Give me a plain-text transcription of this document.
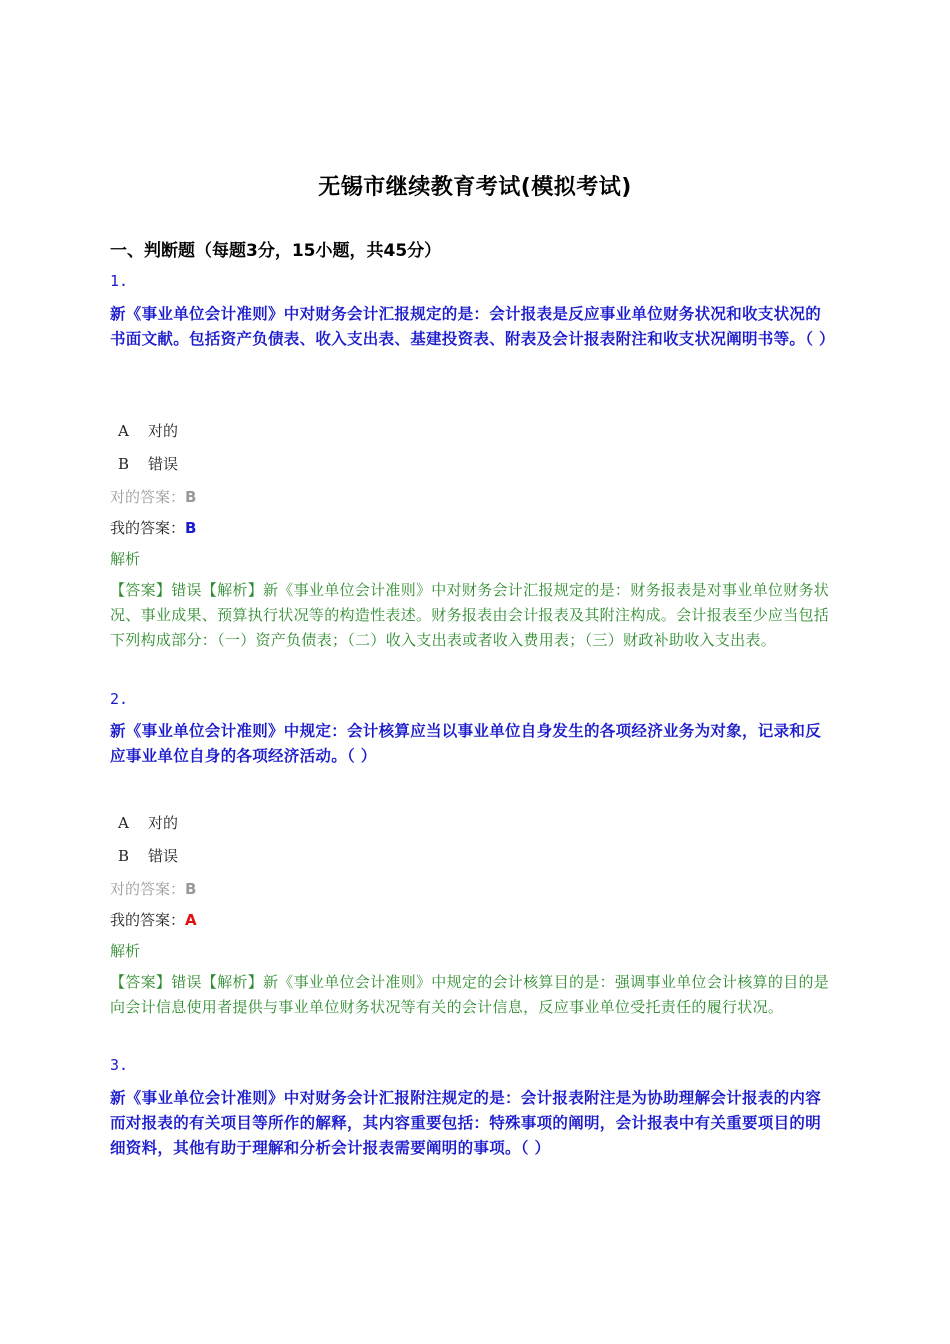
无锡市继续教育考试(模拟考试)
一、判断题（每题3分，15小题，共45分）
1.
新《事业单位会计准则》中对财务会计汇报规定的是：会计报表是反应事业单位财务状况和收支状况的书面文献。包括资产负债表、收入支出表、基建投资表、附表及会计报表附注和收支状况阐明书等。（ ）
A 对的
B 错误
对的答案：B
我的答案：B
解析
【答案】错误【解析】新《事业单位会计准则》中对财务会计汇报规定的是：财务报表是对事业单位财务状况、事业成果、预算执行状况等的构造性表述。财务报表由会计报表及其附注构成。会计报表至少应当包括下列构成部分：（一）资产负债表；（二）收入支出表或者收入费用表；（三）财政补助收入支出表。
2.
新《事业单位会计准则》中规定：会计核算应当以事业单位自身发生的各项经济业务为对象，记录和反应事业单位自身的各项经济活动。（ ）
A 对的
B 错误
对的答案：B
我的答案：A
解析
【答案】错误【解析】新《事业单位会计准则》中规定的会计核算目的是：强调事业单位会计核算的目的是向会计信息使用者提供与事业单位财务状况等有关的会计信息，反应事业单位受托责任的履行状况。
3.
新《事业单位会计准则》中对财务会计汇报附注规定的是：会计报表附注是为协助理解会计报表的内容而对报表的有关项目等所作的解释，其内容重要包括：特殊事项的阐明，会计报表中有关重要项目的明细资料，其他有助于理解和分析会计报表需要阐明的事项。（ ）
